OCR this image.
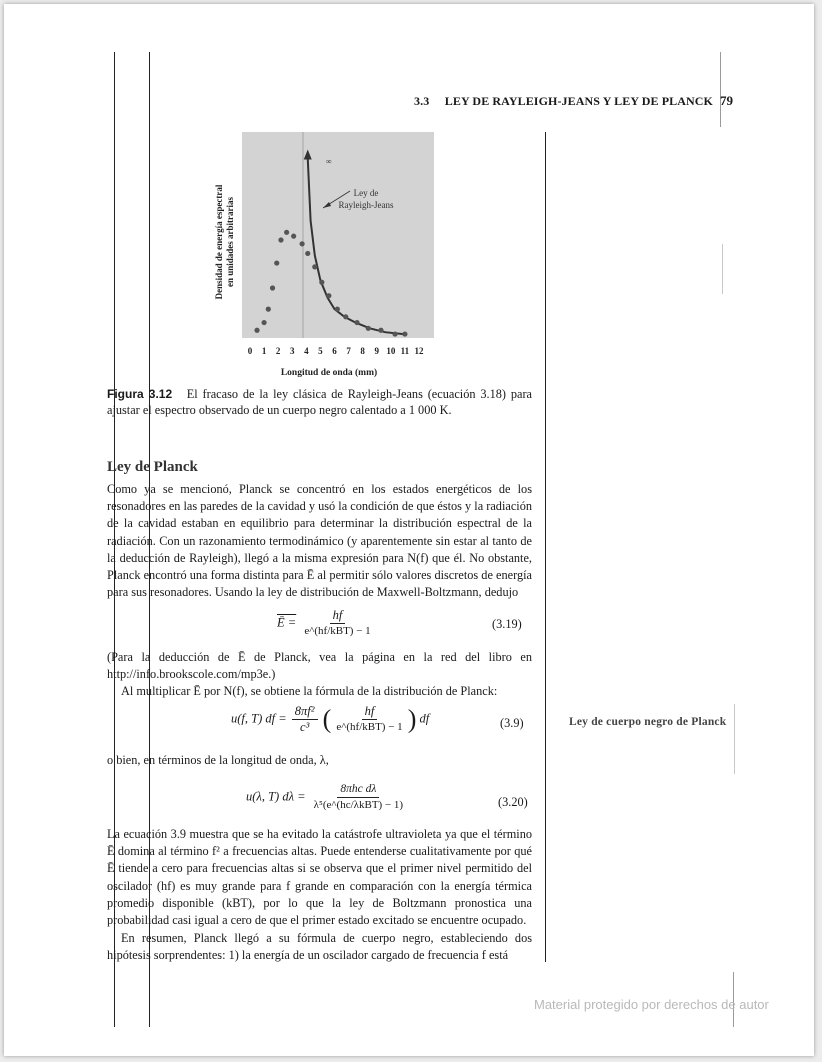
3.3     LEY DE RAYLEIGH-JEANS Y LEY DE PLANCK 79
Densidad de energía espectral en unidades arbitrarias
0 1 2 3 4 5 6 7 8 9 10 11 12
Longitud de onda (mm)
∞
Ley de
Rayleigh-Jeans
Figura 3.12 El fracaso de la ley clásica de Rayleigh-Jeans (ecuación 3.18) para ajustar el espectro observado de un cuerpo negro calentado a 1 000 K.
Ley de Planck

Como ya se mencionó, Planck se concentró en los estados energéticos de los resonadores en las paredes de la cavidad y usó la condición de que éstos y la radiación de la cavidad estaban en equilibrio para determinar la distribución espectral de la radiación. Con un razonamiento termodinámico (y aparentemente sin estar al tanto de la deducción de Rayleigh), llegó a la misma expresión para N(f) que él. No obstante, Planck encontró una forma distinta para Ē al permitir sólo valores discretos de energía para sus resonadores. Usando la ley de distribución de Maxwell-Boltzmann, dedujo

Ē = $\frac{hf}{\text{e\textasciicircum{}(hf/kBT) − 1}}$	(3.19)

(Para la deducción de Ē de Planck, vea la página en la red del libro en http://info.brookscole.com/mp3e.)

Al multiplicar Ē por N(f), se obtiene la fórmula de la distribución de Planck:

u(f, T) df = $\frac{\text{8πf²}}{\text{c³}}$ ( $\frac{hf}{\text{e\textasciicircum{}(hf/kBT) − 1}}$ ) df	(3.9)	Ley de cuerpo negro de Planck

o bien, en términos de la longitud de onda, λ,

u(λ, T) $d\lambda = \frac{\text{8πhc dλ}}{\text{λ⁵(e\textasciicircum{}(hc/λkBT) − 1)}}$	(3.20)

La ecuación 3.9 muestra que se ha evitado la catástrofe ultravioleta ya que el término Ē domina al término f² a frecuencias altas. Puede entenderse cualitativamente por qué Ē tiende a cero para frecuencias altas si se observa que el primer nivel permitido del oscilador (hf) es muy grande para f grande en comparación con la energía térmica promedio disponible (kBT), por lo que la ley de Boltzmann pronostica una probabilidad casi igual a cero de que el primer estado excitado se encuentre ocupado.

En resumen, Planck llegó a su fórmula de cuerpo negro, estableciendo dos hipótesis sorprendentes: 1) la energía de un oscilador cargado de frecuencia f está

Material protegido por derechos de autor
